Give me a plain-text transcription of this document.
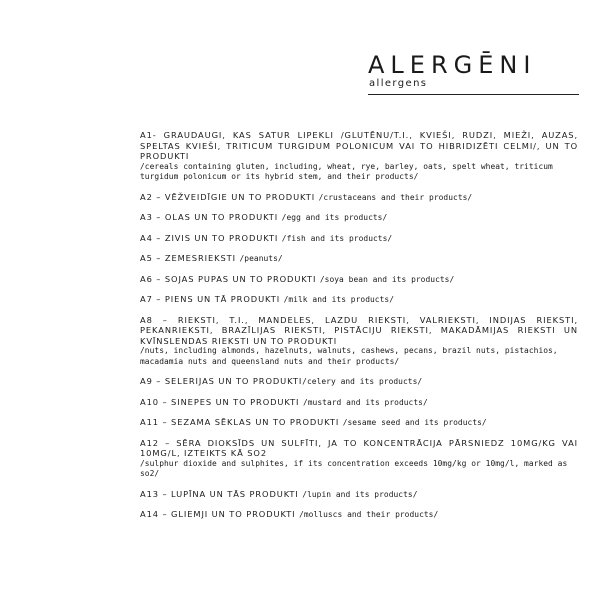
ALERGĒNI
allergens
A1- GRAUDAUGI, KAS SATUR LIPEKLI /GLUTĒNU/T.I., KVIEŠI, RUDZI, MIEŽI, AUZAS, SPELTAS KVIEŠI, TRITICUM TURGIDUM POLONICUM VAI TO HIBRIDIZĒTI CELMI/, UN TO PRODUKTI
/cereals containing gluten, including, wheat, rye, barley, oats, spelt wheat, triticum turgidum polonicum or its hybrid stem, and their products/
A2 – VĒŽVEIDĪGIE UN TO PRODUKTI /crustaceans and their products/
A3 – OLAS UN TO PRODUKTI /egg and its products/
A4 – ZIVIS UN TO PRODUKTI /fish and its products/
A5 – ZEMESRIEKSTI /peanuts/
A6 – SOJAS PUPAS UN TO PRODUKTI /soya bean and its products/
A7 – PIENS UN TĀ PRODUKTI /milk and its products/
A8 – RIEKSTI, T.I., MANDELES, LAZDU RIEKSTI, VALRIEKSTI, INDIJAS RIEKSTI, PEKANRIEKSTI, BRAZĪLIJAS RIEKSTI, PISTĀCIJU RIEKSTI, MAKADĀMIJAS RIEKSTI UN KVĪNSLENDAS RIEKSTI UN TO PRODUKTI
/nuts, including almonds, hazelnuts, walnuts, cashews, pecans, brazil nuts, pistachios, macadamia nuts and queensland nuts and their products/
A9 – SELERIJAS UN TO PRODUKTI/celery and its products/
A10 – SINEPES UN TO PRODUKTI /mustard and its products/
A11 – SEZAMA SĒKLAS UN TO PRODUKTI /sesame seed and its products/
A12 – SĒRA DIOKSĪDS UN SULFĪTI, JA TO KONCENTRĀCIJA PĀRSNIEDZ 10MG/KG VAI 10MG/L, IZTEIKTS KĀ SO2
/sulphur dioxide and sulphites, if its concentration exceeds 10mg/kg or 10mg/l, marked as so2/
A13 – LUPĪNA UN TĀS PRODUKTI /lupin and its products/
A14 – GLIEMJI UN TO PRODUKTI /molluscs and their products/
